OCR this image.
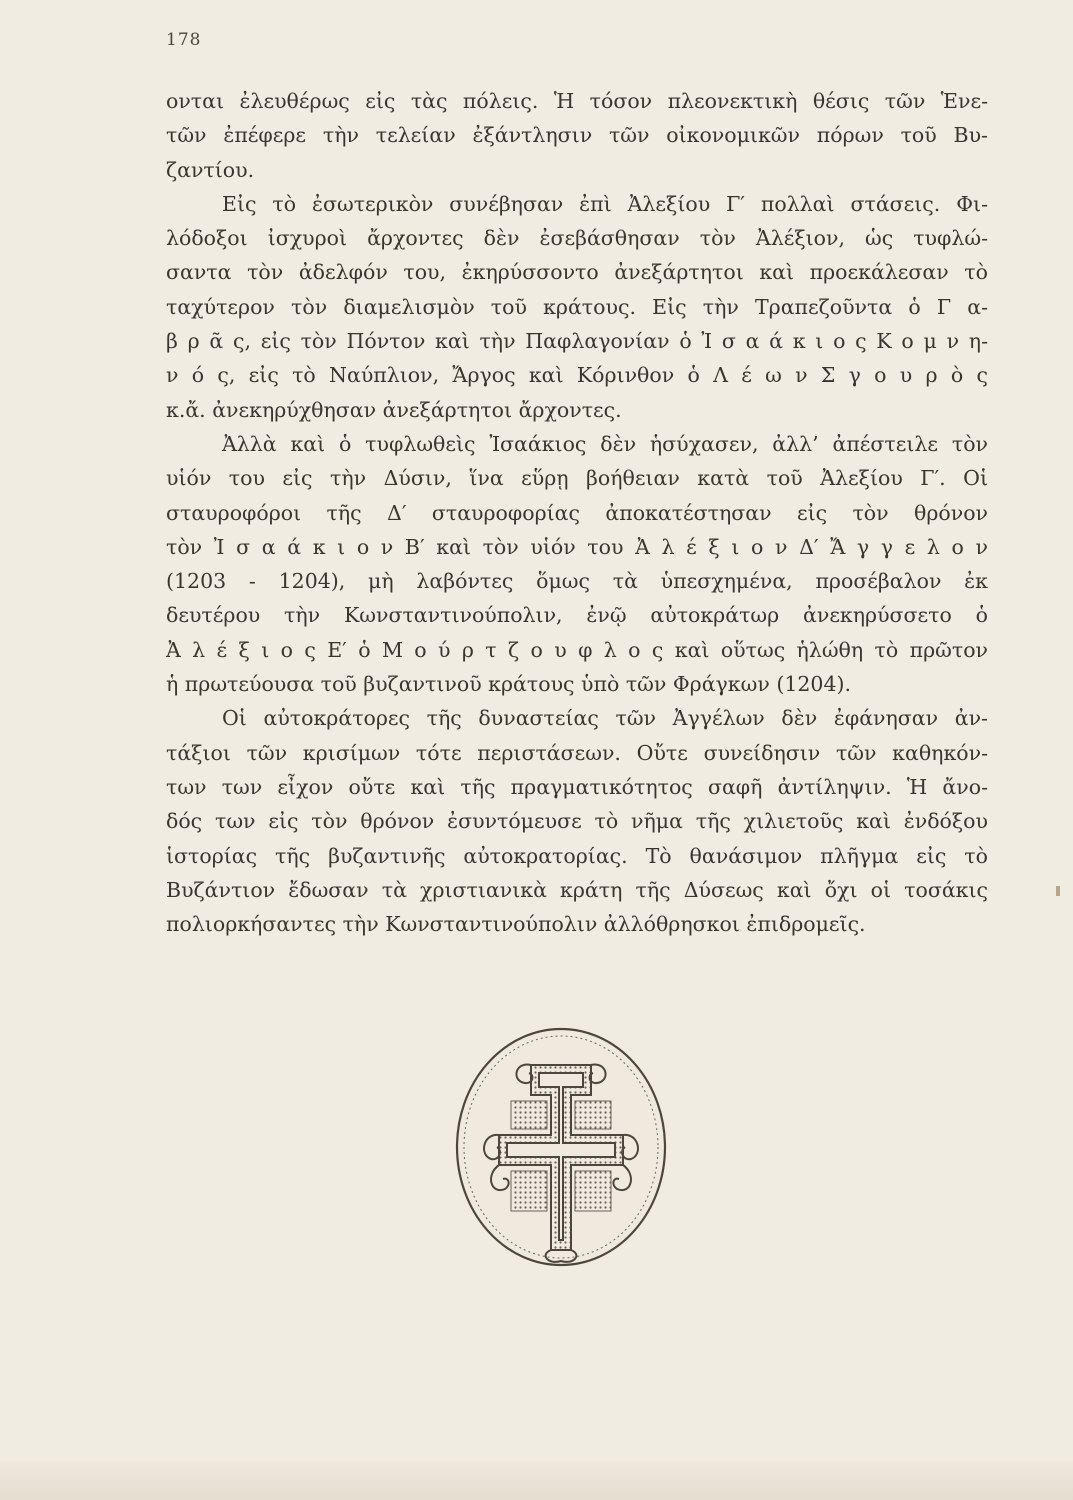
178
ονται ἐλευθέρως εἰς τὰς πόλεις. Ἡ τόσον πλεονεκτικὴ θέσις τῶν Ἑνε-
τῶν ἐπέφερε τὴν τελείαν ἐξάντλησιν τῶν οἰκονομικῶν πόρων τοῦ Βυ-
ζαντίου.
Εἰς τὸ ἐσωτερικὸν συνέβησαν ἐπὶ Ἀλεξίου Γ′ πολλαὶ στάσεις. Φι-
λόδοξοι ἰσχυροὶ ἄρχοντες δὲν ἐσεβάσθησαν τὸν Ἀλέξιον, ὡς τυφλώ-
σαντα τὸν ἀδελφόν του, ἐκηρύσσοντο ἀνεξάρτητοι καὶ προεκάλεσαν τὸ
ταχύτερον τὸν διαμελισμὸν τοῦ κράτους. Εἰς τὴν Τραπεζοῦντα ὁ Γ α-
β ρ ᾶ ς, εἰς τὸν Πόντον καὶ τὴν Παφλαγονίαν ὁ Ἰ σ α ά κ ι ο ς Κ ο μ ν η-
ν ό ς, εἰς τὸ Ναύπλιον, Ἄργος καὶ Κόρινθον ὁ Λ έ ω ν Σ γ ο υ ρ ὸ ς
κ.ἄ. ἀνεκηρύχθησαν ἀνεξάρτητοι ἄρχοντες.
Ἀλλὰ καὶ ὁ τυφλωθεὶς Ἰσαάκιος δὲν ἡσύχασεν, ἀλλ’ ἀπέστειλε τὸν
υἱόν του εἰς τὴν Δύσιν, ἵνα εὕρῃ βοήθειαν κατὰ τοῦ Ἀλεξίου Γ′. Οἱ
σταυροφόροι τῆς Δ′ σταυροφορίας ἀποκατέστησαν εἰς τὸν θρόνον
τὸν Ἰ σ α ά κ ι ο ν Β′ καὶ τὸν υἱόν του Ἀ λ έ ξ ι ο ν Δ′ Ἄ γ γ ε λ ο ν
(1203 - 1204), μὴ λαβόντες ὅμως τὰ ὑπεσχημένα, προσέβαλον ἐκ
δευτέρου τὴν Κωνσταντινούπολιν, ἐνῷ αὐτοκράτωρ ἀνεκηρύσσετο ὁ
Ἀ λ έ ξ ι ο ς Ε′ ὁ Μ ο ύ ρ τ ζ ο υ φ λ ο ς καὶ οὕτως ἡλώθη τὸ πρῶτον
ἡ πρωτεύουσα τοῦ βυζαντινοῦ κράτους ὑπὸ τῶν Φράγκων (1204).
Οἱ αὐτοκράτορες τῆς δυναστείας τῶν Ἀγγέλων δὲν ἐφάνησαν ἀν-
τάξιοι τῶν κρισίμων τότε περιστάσεων. Οὔτε συνείδησιν τῶν καθηκόν-
των των εἶχον οὔτε καὶ τῆς πραγματικότητος σαφῆ ἀντίληψιν. Ἡ ἄνο-
δός των εἰς τὸν θρόνον ἐσυντόμευσε τὸ νῆμα τῆς χιλιετοῦς καὶ ἐνδόξου
ἱστορίας τῆς βυζαντινῆς αὐτοκρατορίας. Τὸ θανάσιμον πλῆγμα εἰς τὸ
Βυζάντιον ἔδωσαν τὰ χριστιανικὰ κράτη τῆς Δύσεως καὶ ὄχι οἱ τοσάκις
πολιορκήσαντες τὴν Κωνσταντινούπολιν ἀλλόθρησκοι ἐπιδρομεῖς.
